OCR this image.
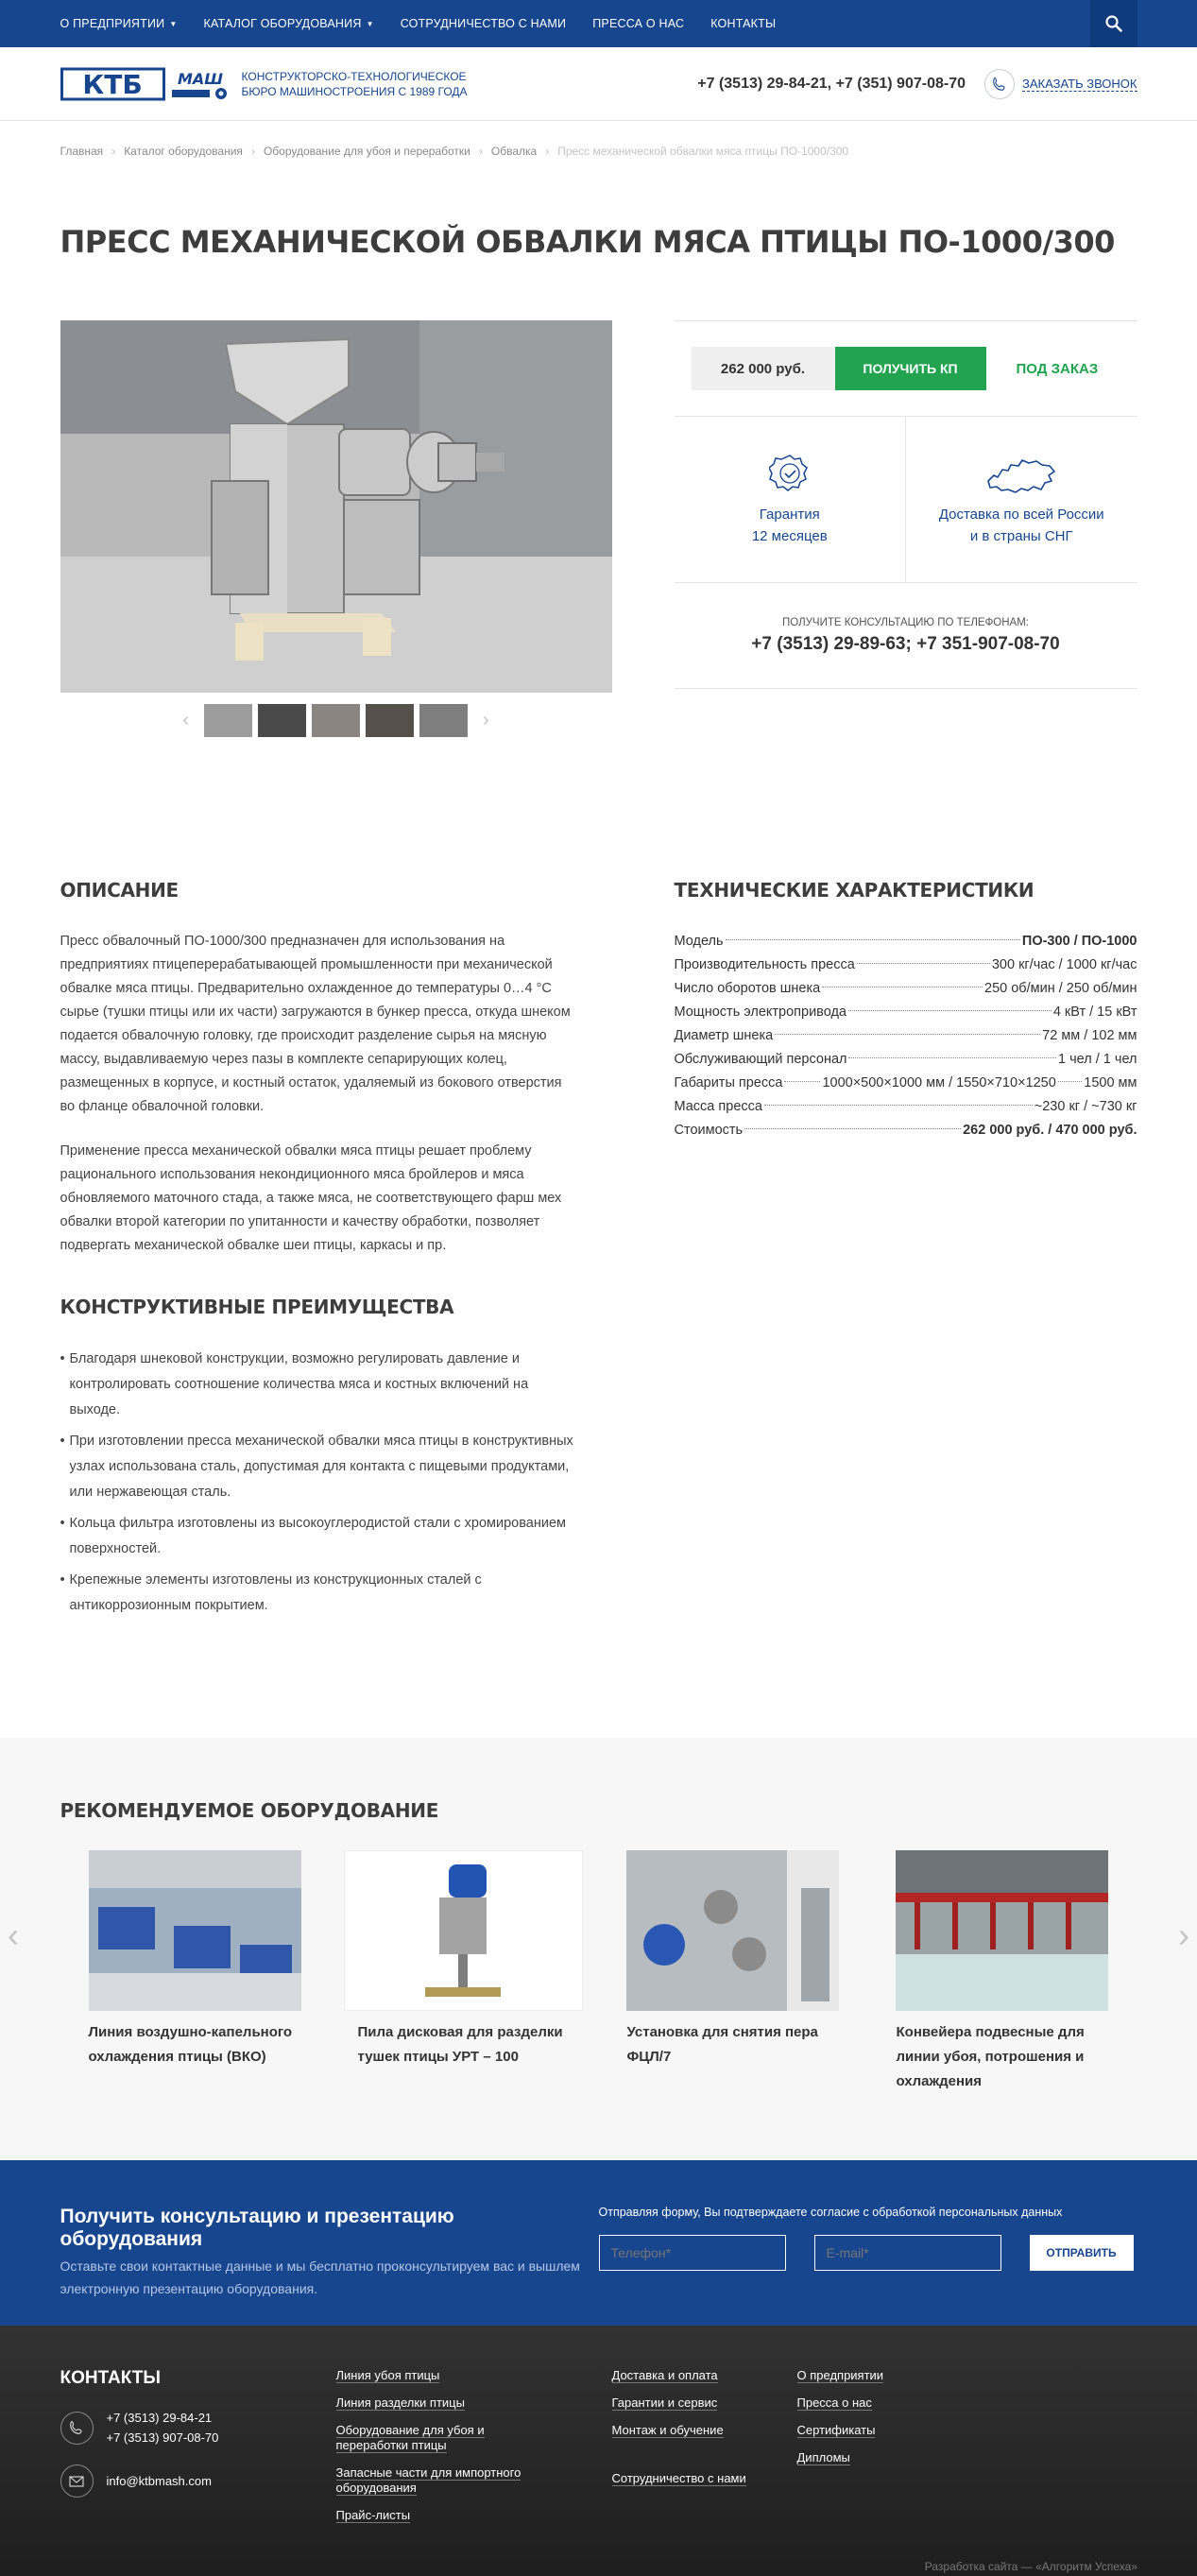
О ПРЕДПРИЯТИИ ▼ КАТАЛОГ ОБОРУДОВАНИЯ ▼ СОТРУДНИЧЕСТВО С НАМИ ПРЕССА О НАС КОНТАКТЫ
КТБ МАШ КОНСТРУКТОРСКО-ТЕХНОЛОГИЧЕСКОЕ
БЮРО МАШИНОСТРОЕНИЯ С 1989 ГОДА	+7 (3513) 29-84-21, +7 (351) 907-08-70	ЗАКАЗАТЬ ЗВОНОК
Главная › Каталог оборудования › Оборудование для убоя и переработки › Обвалка › Пресс механической обвалки мяса птицы ПО-1000/300
ПРЕСС МЕХАНИЧЕСКОЙ ОБВАЛКИ МЯСА ПТИЦЫ ПО-1000/300
‹	›
262 000 руб.	ПОЛУЧИТЬ КП	ПОД ЗАКАЗ
Гарантия
12 месяцев
Доставка по всей России
и в страны СНГ
ПОЛУЧИТЕ КОНСУЛЬТАЦИЮ ПО ТЕЛЕФОНАМ:
+7 (3513) 29-89-63; +7 351-907-08-70
ОПИСАНИЕ

Пресс обвалочный ПО-1000/300 предназначен для использования на предприятиях птицеперерабатывающей промышленности при механической обвалке мяса птицы. Предварительно охлажденное до температуры 0…4 °С сырье (тушки птицы или их части) загружаются в бункер пресса, откуда шнеком подается обвалочную головку, где происходит разделение сырья на мясную массу, выдавливаемую через пазы в комплекте сепарирующих колец, размещенных в корпусе, и костный остаток, удаляемый из бокового отверстия во фланце обвалочной головки.

Применение пресса механической обвалки мяса птицы решает проблему рационального использования некондиционного мяса бройлеров и мяса обновляемого маточного стада, а также мяса, не соответствующего фарш мех обвалки второй категории по упитанности и качеству обработки, позволяет подвергать механической обвалке шеи птицы, каркасы и пр.

КОНСТРУКТИВНЫЕ ПРЕИМУЩЕСТВА
• Благодаря шнековой конструкции, возможно регулировать давление и контролировать соотношение количества мяса и костных включений на выходе.
• При изготовлении пресса механической обвалки мяса птицы в конструктивных узлах использована сталь, допустимая для контакта с пищевыми продуктами, или нержавеющая сталь.
• Кольца фильтра изготовлены из высокоуглеродистой стали с хромированием поверхностей.
• Крепежные элементы изготовлены из конструкционных сталей с антикоррозионным покрытием.
ТЕХНИЧЕСКИЕ ХАРАКТЕРИСТИКИ
Модель	ПО-300 / ПО-1000
Производительность пресса	300 кг/час / 1000 кг/час
Число оборотов шнека	250 об/мин / 250 об/мин
Мощность электропривода	4 кВт / 15 кВт
Диаметр шнека	72 мм / 102 мм
Обслуживающий персонал	1 чел / 1 чел
Габариты пресса	1000×500×1000 мм / 1550×710×1250 1500 мм
Масса пресса	~230 кг / ~730 кг
Стоимость	262 000 руб. / 470 000 руб.
РЕКОМЕНДУЕМОЕ ОБОРУДОВАНИЕ
‹	›
Линия воздушно-капельного охлаждения птицы (ВКО)
Пила дисковая для разделки тушек птицы УРТ – 100
Установка для снятия пера ФЦЛ/7
Конвейера подвесные для линии убоя, потрошения и охлаждения
Получить консультацию и презентацию оборудования

Оставьте свои контактные данные и мы бесплатно проконсультируем вас и вышлем электронную презентацию оборудования.

Отправляя форму, Вы подтверждаете согласие с обработкой персональных данных
Телефон*
E-mail*
ОТПРАВИТЬ
КОНТАКТЫ
+7 (3513) 29-84-21
+7 (3513) 907-08-70
info@ktbmash.com
Линия убоя птицы
Линия разделки птицы
Оборудование для убоя и переработки птицы
Запасные части для импортного оборудования
Прайс-листы
Доставка и оплата
Гарантии и сервис
Монтаж и обучение
Сотрудничество с нами
О предприятии
Пресса о нас
Сертификаты
Дипломы
Разработка сайта — «Алгоритм Успеха»
